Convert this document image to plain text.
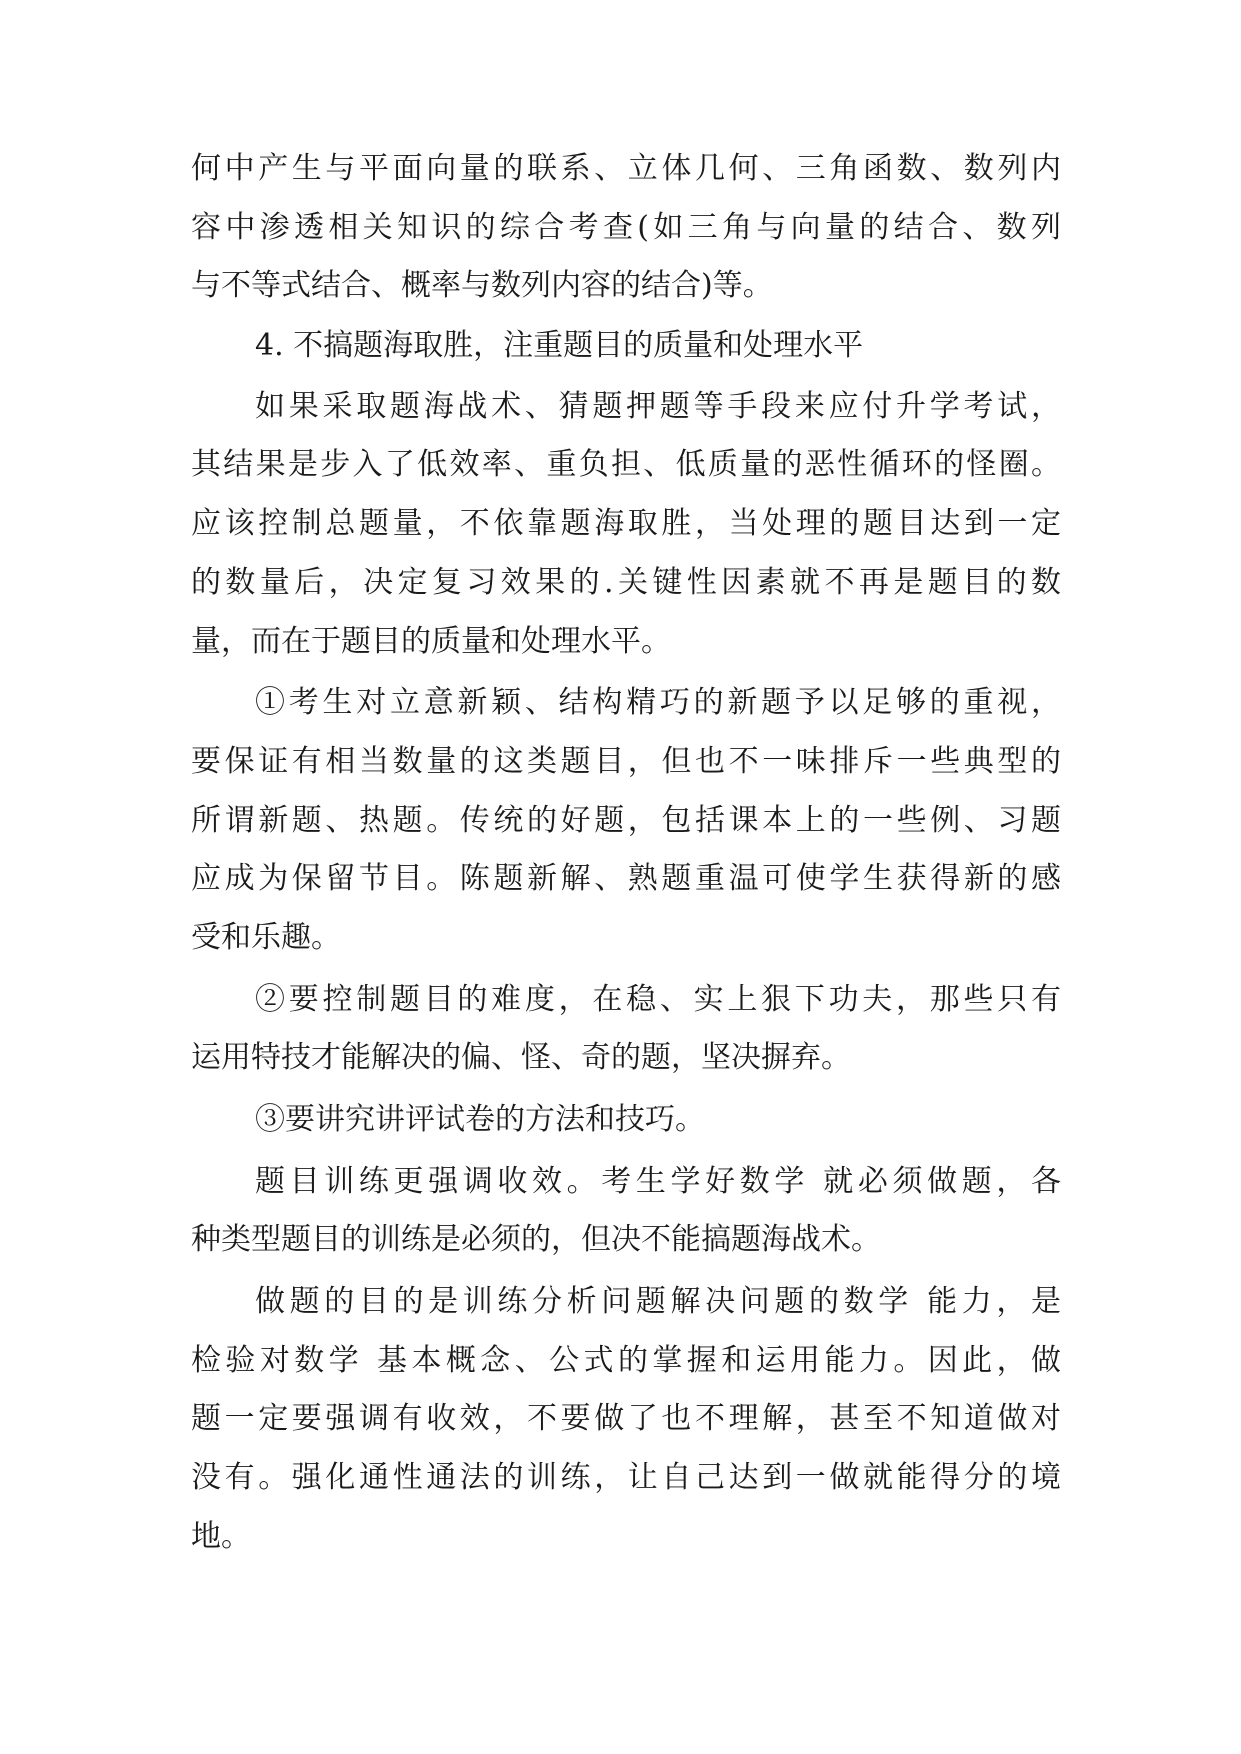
何中产生与平面向量的联系、立体几何、三角函数、数列内
容中渗透相关知识的综合考查(如三角与向量的结合、数列
与不等式结合、概率与数列内容的结合)等。
4. 不搞题海取胜，注重题目的质量和处理水平
如果采取题海战术、猜题押题等手段来应付升学考试，
其结果是步入了低效率、重负担、低质量的恶性循环的怪圈。
应该控制总题量，不依靠题海取胜，当处理的题目达到一定
的数量后，决定复习效果的.关键性因素就不再是题目的数
量，而在于题目的质量和处理水平。
①考生对立意新颖、结构精巧的新题予以足够的重视，
要保证有相当数量的这类题目，但也不一味排斥一些典型的
所谓新题、热题。传统的好题，包括课本上的一些例、习题
应成为保留节目。陈题新解、熟题重温可使学生获得新的感
受和乐趣。
②要控制题目的难度，在稳、实上狠下功夫，那些只有
运用特技才能解决的偏、怪、奇的题，坚决摒弃。
③要讲究讲评试卷的方法和技巧。
题目训练更强调收效。考生学好数学 就必须做题，各
种类型题目的训练是必须的，但决不能搞题海战术。
做题的目的是训练分析问题解决问题的数学 能力，是
检验对数学 基本概念、公式的掌握和运用能力。因此，做
题一定要强调有收效，不要做了也不理解，甚至不知道做对
没有。强化通性通法的训练，让自己达到一做就能得分的境
地。
